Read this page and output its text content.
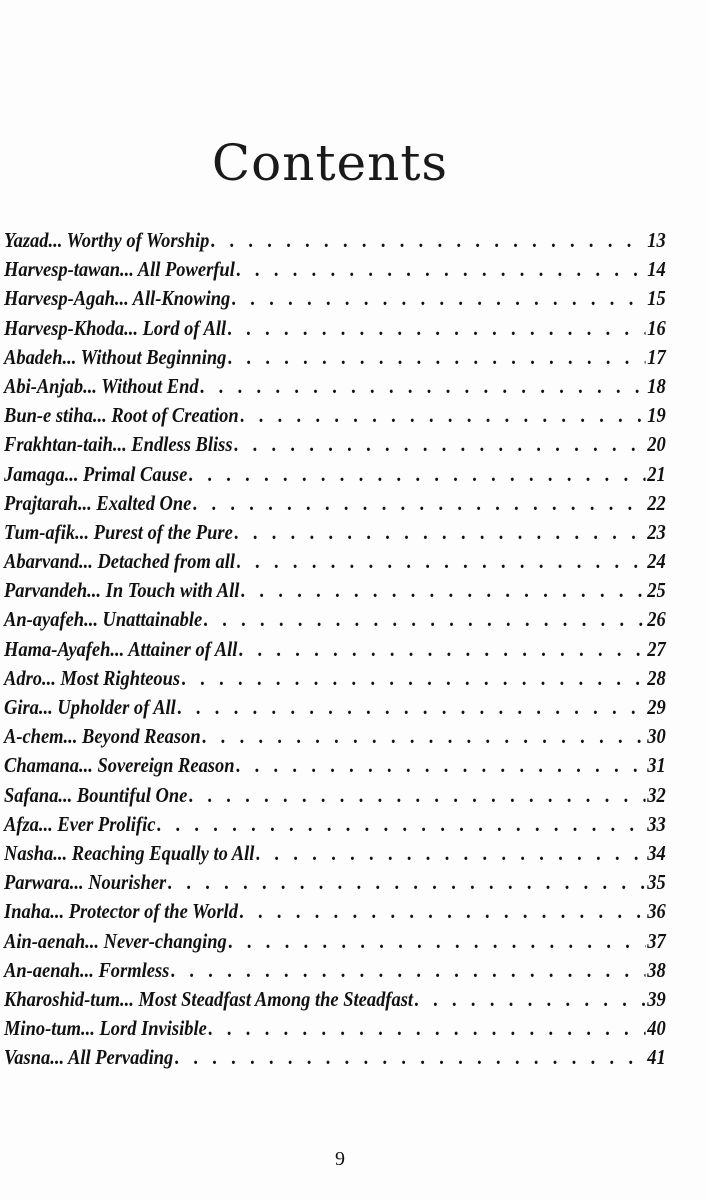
Contents
Yazad... Worthy of Worship . . .	13
Harvesp-tawan... All Powerful . . .	14
Harvesp-Agah... All-Knowing . . .	15
Harvesp-Khoda... Lord of All . . .	16
Abadeh... Without Beginning . . .	17
Abi-Anjab... Without End . . .	18
Bun-e stiha... Root of Creation . . .	19
Frakhtan-taih... Endless Bliss . . .	20
Jamaga... Primal Cause . . .	21
Prajtarah... Exalted One . . .	22
Tum-afik... Purest of the Pure . . .	23
Abarvand... Detached from all . . .	24
Parvandeh... In Touch with All . . .	25
An-ayafeh... Unattainable . . .	26
Hama-Ayafeh... Attainer of All . . .	27
Adro... Most Righteous . . .	28
Gira... Upholder of All . . .	29
A-chem... Beyond Reason . . .	30
Chamana... Sovereign Reason . . .	31
Safana... Bountiful One . . .	32
Afza... Ever Prolific . . .	33
Nasha... Reaching Equally to All . . .	34
Parwara... Nourisher . . .	35
Inaha... Protector of the World . . .	36
Ain-aenah... Never-changing . . .	37
An-aenah... Formless . . .	38
Kharoshid-tum... Most Steadfast Among the Steadfast . . .	39
Mino-tum... Lord Invisible . . .	40
Vasna... All Pervading . . .	41
9
